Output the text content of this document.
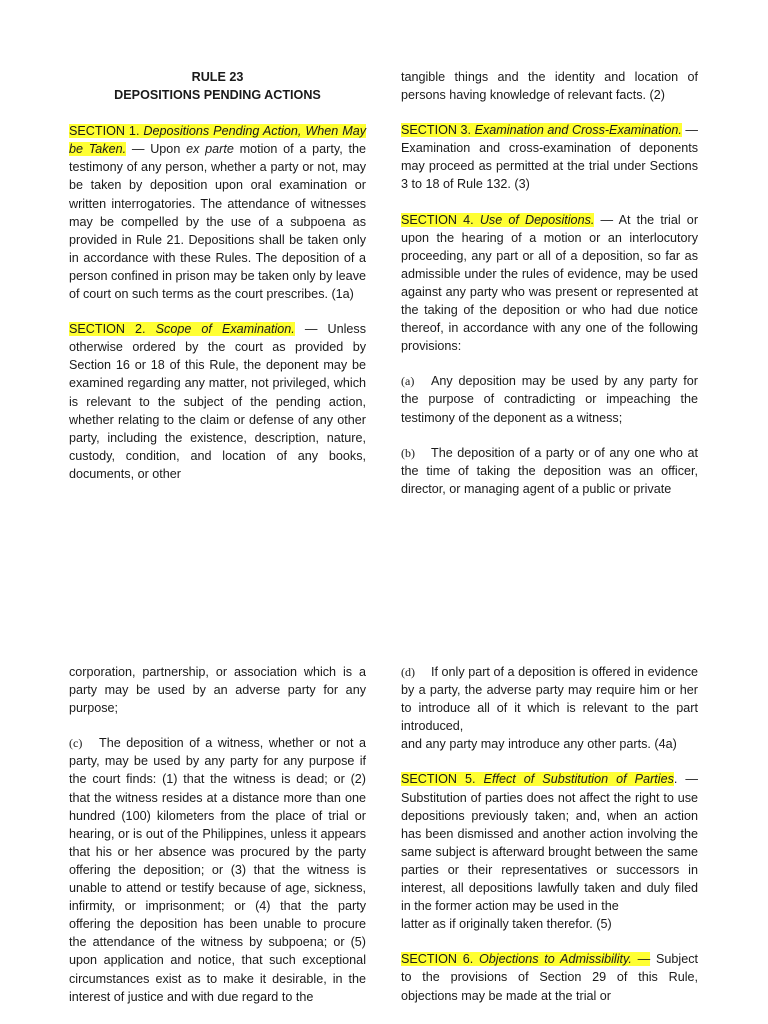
RULE 23

DEPOSITIONS PENDING ACTIONS

SECTION 1. Depositions Pending Action, When May be Taken. — Upon ex parte motion of a party, the testimony of any person, whether a party or not, may be taken by deposition upon oral examination or written interrogatories. The attendance of witnesses may be compelled by the use of a subpoena as provided in Rule 21. Depositions shall be taken only in accordance with these Rules. The deposition of a person confined in prison may be taken only by leave of court on such terms as the court prescribes. (1a)

SECTION 2. Scope of Examination. — Unless otherwise ordered by the court as provided by Section 16 or 18 of this Rule, the deponent may be examined regarding any matter, not privileged, which is relevant to the subject of the pending action, whether relating to the claim or defense of any other party, including the existence, description, nature, custody, condition, and location of any books, documents, or other

tangible things and the identity and location of persons having knowledge of relevant facts. (2)

SECTION 3. Examination and Cross-Examination. — Examination and cross-examination of deponents may proceed as permitted at the trial under Sections 3 to 18 of Rule 132. (3)

SECTION 4. Use of Depositions. — At the trial or upon the hearing of a motion or an interlocutory proceeding, any part or all of a deposition, so far as admissible under the rules of evidence, may be used against any party who was present or represented at the taking of the deposition or who had due notice thereof, in accordance with any one of the following provisions:

(a) Any deposition may be used by any party for the purpose of contradicting or impeaching the testimony of the deponent as a witness;

(b) The deposition of a party or of any one who at the time of taking the deposition was an officer, director, or managing agent of a public or private

corporation, partnership, or association which is a party may be used by an adverse party for any purpose;

(c) The deposition of a witness, whether or not a party, may be used by any party for any purpose if the court finds: (1) that the witness is dead; or (2) that the witness resides at a distance more than one hundred (100) kilometers from the place of trial or hearing, or is out of the Philippines, unless it appears that his or her absence was procured by the party offering the deposition; or (3) that the witness is unable to attend or testify because of age, sickness, infirmity, or imprisonment; or (4) that the party offering the deposition has been unable to procure the attendance of the witness by subpoena; or (5) upon application and notice, that such exceptional circumstances exist as to make it desirable, in the interest of justice and with due regard to the

(d) If only part of a deposition is offered in evidence by a party, the adverse party may require him or her to introduce all of it which is relevant to the part introduced,

and any party may introduce any other parts. (4a)

SECTION 5. Effect of Substitution of Parties. — Substitution of parties does not affect the right to use depositions previously taken; and, when an action has been dismissed and another action involving the same subject is afterward brought between the same parties or their representatives or successors in interest, all depositions lawfully taken and duly filed in the former action may be used in the

latter as if originally taken therefor. (5)

SECTION 6. Objections to Admissibility. — Subject to the provisions of Section 29 of this Rule, objections may be made at the trial or
